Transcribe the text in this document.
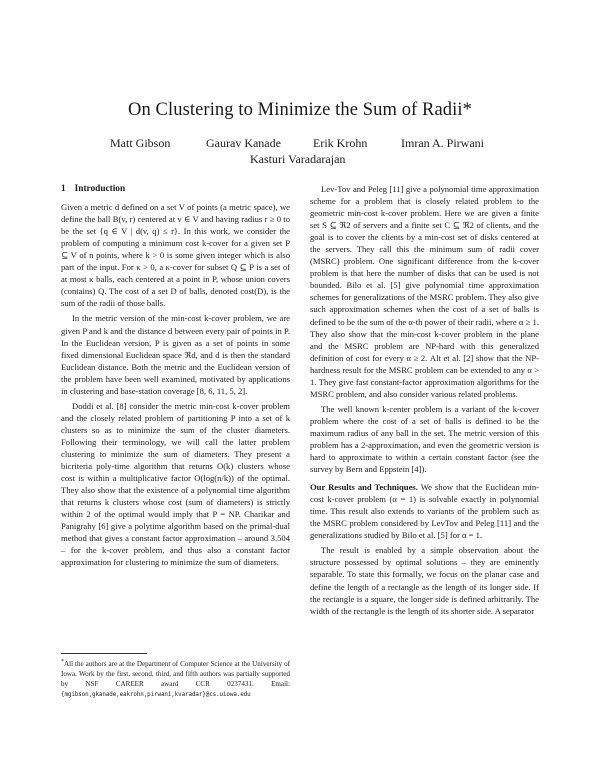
On Clustering to Minimize the Sum of Radii*
Matt Gibson	Gaurav Kanade	Erik Krohn	Imran A. Pirwani
Kasturi Varadarajan
1 Introduction

Given a metric d defined on a set V of points (a metric space), we define the ball B(v, r) centered at v ∈ V and having radius r ≥ 0 to be the set {q ∈ V | d(v, q) ≤ r}. In this work, we consider the problem of computing a minimum cost k-cover for a given set P ⊆ V of n points, where k > 0 is some given integer which is also part of the input. For κ > 0, a κ-cover for subset Q ⊆ P is a set of at most κ balls, each centered at a point in P, whose union covers (contains) Q. The cost of a set D of balls, denoted cost(D), is the sum of the radii of those balls.

In the metric version of the min-cost k-cover problem, we are given P and k and the distance d between every pair of points in P. In the Euclidean version, P is given as a set of points in some fixed dimensional Euclidean space ℜd, and d is then the standard Euclidean distance. Both the metric and the Euclidean version of the problem have been well examined, motivated by applications in clustering and base-station coverage [8, 6, 11, 5, 2].

Doddi et al. [8] consider the metric min-cost k-cover problem and the closely related problem of partitioning P into a set of k clusters so as to minimize the sum of the cluster diameters. Following their terminology, we will call the latter problem clustering to minimize the sum of diameters. They present a bicriteria poly-time algorithm that returns O(k) clusters whose cost is within a multiplicative factor O(log(n/k)) of the optimal. They also show that the existence of a polynomial time algorithm that returns k clusters whose cost (sum of diameters) is strictly within 2 of the optimal would imply that P = NP. Charikar and Panigrahy [6] give a polytime algorithm based on the primal-dual method that gives a constant factor approximation – around 3.504 – for the k-cover problem, and thus also a constant factor approximation for clustering to minimize the sum of diameters.

*All the authors are at the Department of Computer Science at the University of Iowa. Work by the first, second, third, and fifth authors was partially supported by NSF CAREER award CCR 0237431. Email: {mgibson,gkanade,eakrohn,pirwani,kvaradar}@cs.uiowa.edu

Lev-Tov and Peleg [11] give a polynomial time approximation scheme for a problem that is closely related problem to the geometric min-cost k-cover problem. Here we are given a finite set S ⊆ ℜ2 of servers and a finite set C ⊆ ℜ2 of clients, and the goal is to cover the clients by a min-cost set of disks centered at the servers. They call this the minimum sum of radii cover (MSRC) problem. One significant difference from the k-cover problem is that here the number of disks that can be used is not bounded. Bilo et al. [5] give polynomial time approximation schemes for generalizations of the MSRC problem. They also give such approximation schemes when the cost of a set of balls is defined to be the sum of the α-th power of their radii, where α ≥ 1. They also show that the min-cost k-cover problem in the plane and the MSRC problem are NP-hard with this generalized definition of cost for every α ≥ 2. Alt et al. [2] show that the NP-hardness result for the MSRC problem can be extended to any α > 1. They give fast constant-factor approximation algorithms for the MSRC problem, and also consider various related problems.

The well known k-center problem is a variant of the k-cover problem where the cost of a set of balls is defined to be the maximum radius of any ball in the set. The metric version of this problem has a 2-approximation, and even the geometric version is hard to approximate to within a certain constant factor (see the survey by Bern and Eppstein [4]).

Our Results and Techniques. We show that the Euclidean min-cost k-cover problem (α = 1) is solvable exactly in polynomial time. This result also extends to variants of the problem such as the MSRC problem considered by LevTov and Peleg [11] and the generalizations studied by Bilo et al. [5] for α = 1.

The result is enabled by a simple observation about the structure possessed by optimal solutions – they are eminently separable. To state this formally, we focus on the planar case and define the length of a rectangle as the length of its longer side. If the rectangle is a square, the longer side is defined arbitrarily. The width of the rectangle is the length of its shorter side. A separator
